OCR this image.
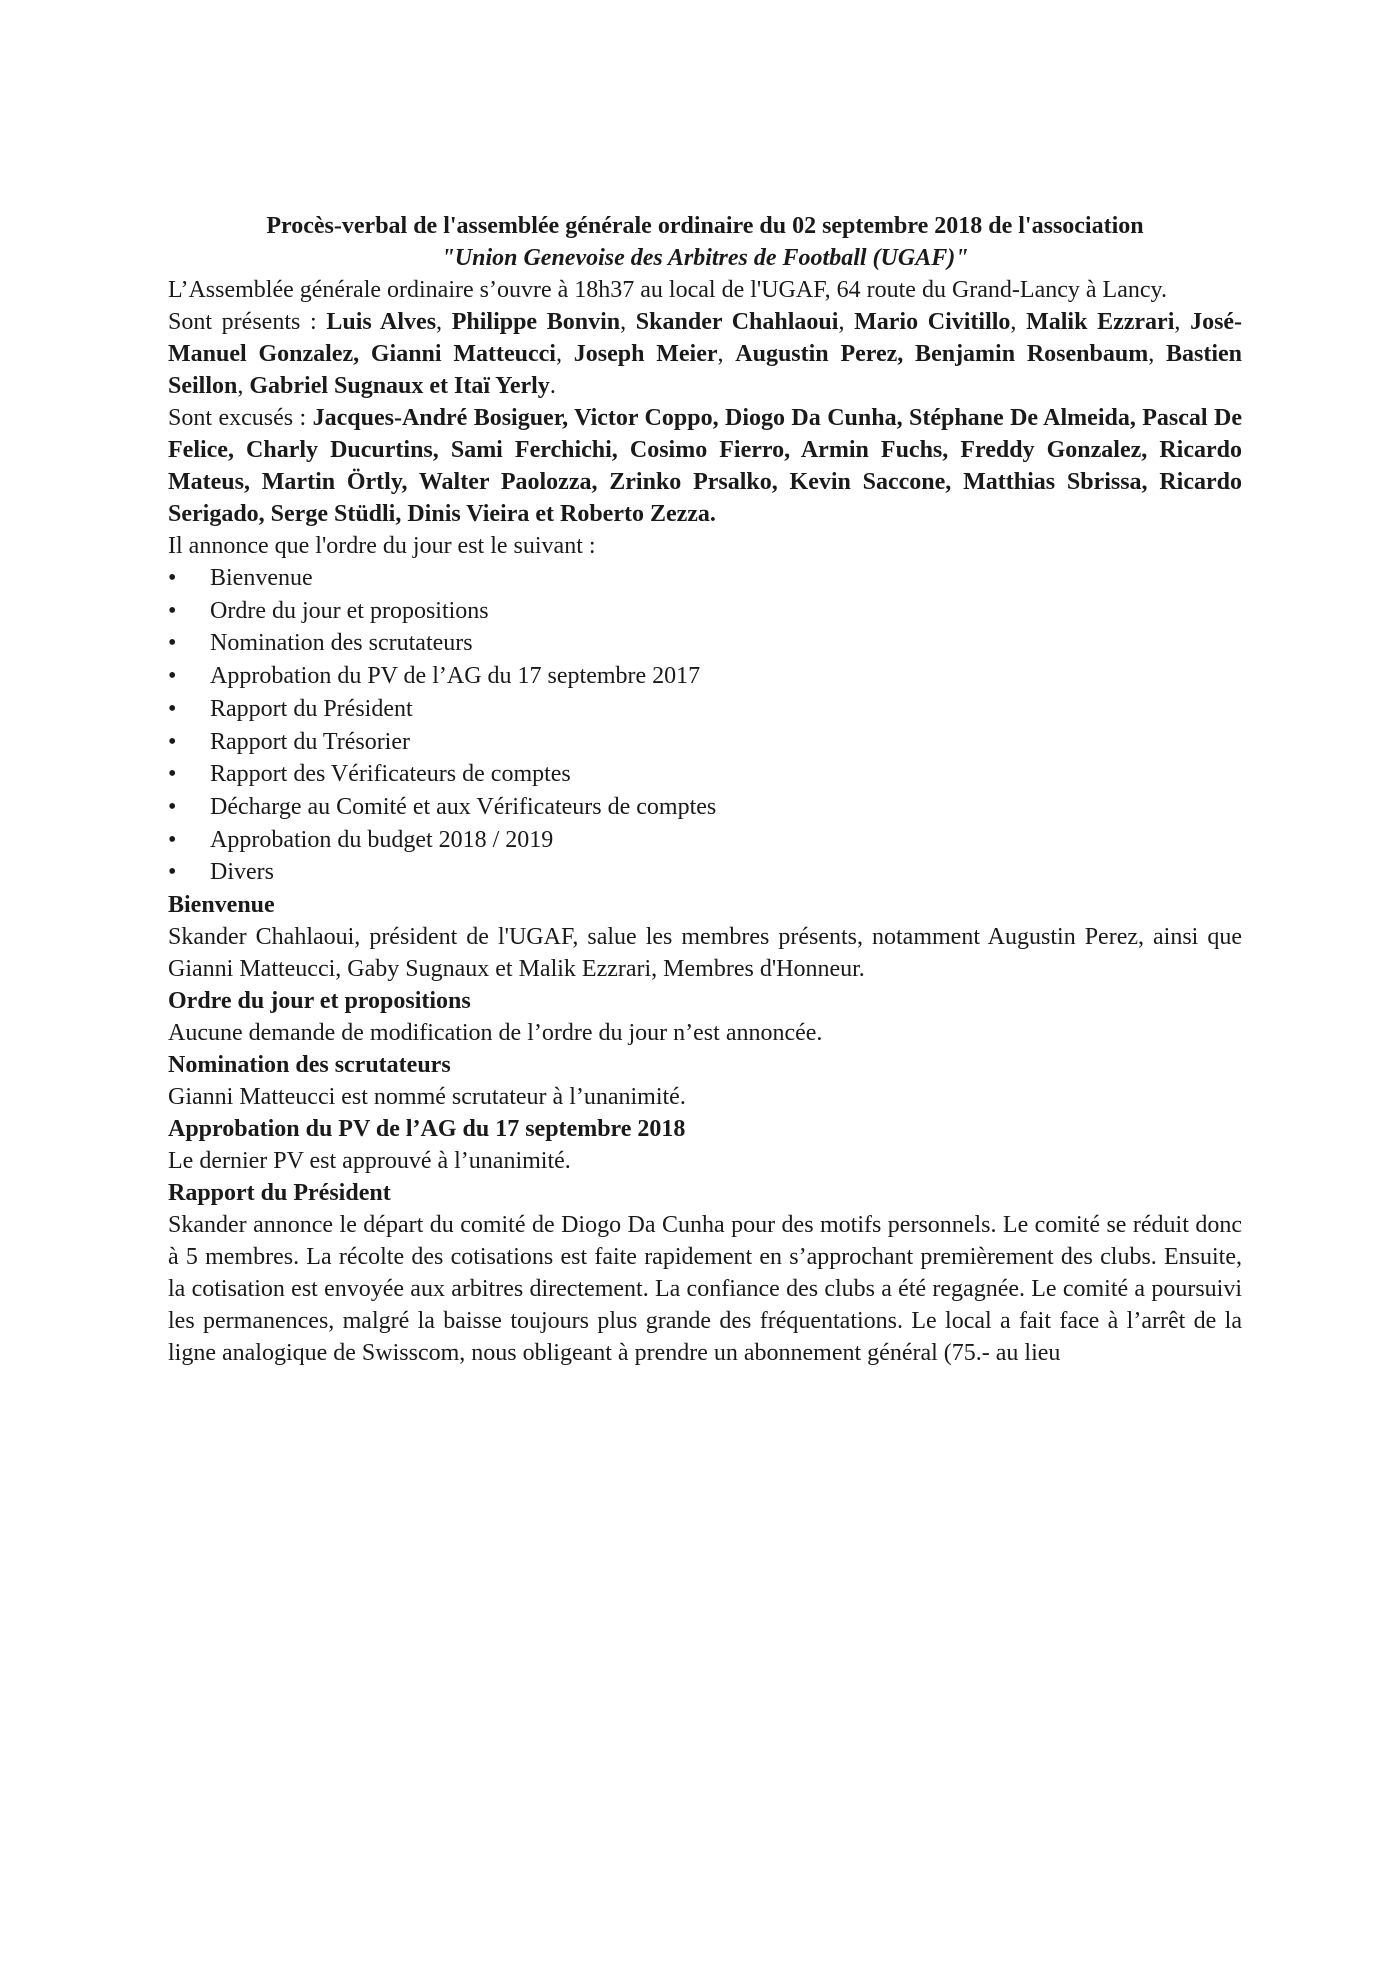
Procès-verbal de l'assemblée générale ordinaire du 02 septembre 2018 de l'association
"Union Genevoise des Arbitres de Football (UGAF)"

L’Assemblée générale ordinaire s’ouvre à 18h37 au local de l'UGAF, 64 route du Grand-Lancy à Lancy.

Sont présents : Luis Alves, Philippe Bonvin, Skander Chahlaoui, Mario Civitillo, Malik Ezzrari, José-Manuel Gonzalez, Gianni Matteucci, Joseph Meier, Augustin Perez, Benjamin Rosenbaum, Bastien Seillon, Gabriel Sugnaux et Itaï Yerly.

Sont excusés : Jacques-André Bosiguer, Victor Coppo, Diogo Da Cunha, Stéphane De Almeida, Pascal De Felice, Charly Ducurtins, Sami Ferchichi, Cosimo Fierro, Armin Fuchs, Freddy Gonzalez, Ricardo Mateus, Martin Örtly, Walter Paolozza, Zrinko Prsalko, Kevin Saccone, Matthias Sbrissa, Ricardo Serigado, Serge Stüdli, Dinis Vieira et Roberto Zezza.

Il annonce que l'ordre du jour est le suivant :

• Bienvenue
• Ordre du jour et propositions
• Nomination des scrutateurs
• Approbation du PV de l’AG du 17 septembre 2017
• Rapport du Président
• Rapport du Trésorier
• Rapport des Vérificateurs de comptes
• Décharge au Comité et aux Vérificateurs de comptes
• Approbation du budget 2018 / 2019
• Divers
Bienvenue

Skander Chahlaoui, président de l'UGAF, salue les membres présents, notamment Augustin Perez, ainsi que Gianni Matteucci, Gaby Sugnaux et Malik Ezzrari, Membres d'Honneur.

Ordre du jour et propositions

Aucune demande de modification de l’ordre du jour n’est annoncée.

Nomination des scrutateurs

Gianni Matteucci est nommé scrutateur à l’unanimité.

Approbation du PV de l’AG du 17 septembre 2018

Le dernier PV est approuvé à l’unanimité.

Rapport du Président

Skander annonce le départ du comité de Diogo Da Cunha pour des motifs personnels. Le comité se réduit donc à 5 membres. La récolte des cotisations est faite rapidement en s’approchant premièrement des clubs. Ensuite, la cotisation est envoyée aux arbitres directement. La confiance des clubs a été regagnée. Le comité a poursuivi les permanences, malgré la baisse toujours plus grande des fréquentations. Le local a fait face à l’arrêt de la ligne analogique de Swisscom, nous obligeant à prendre un abonnement général (75.- au lieu
